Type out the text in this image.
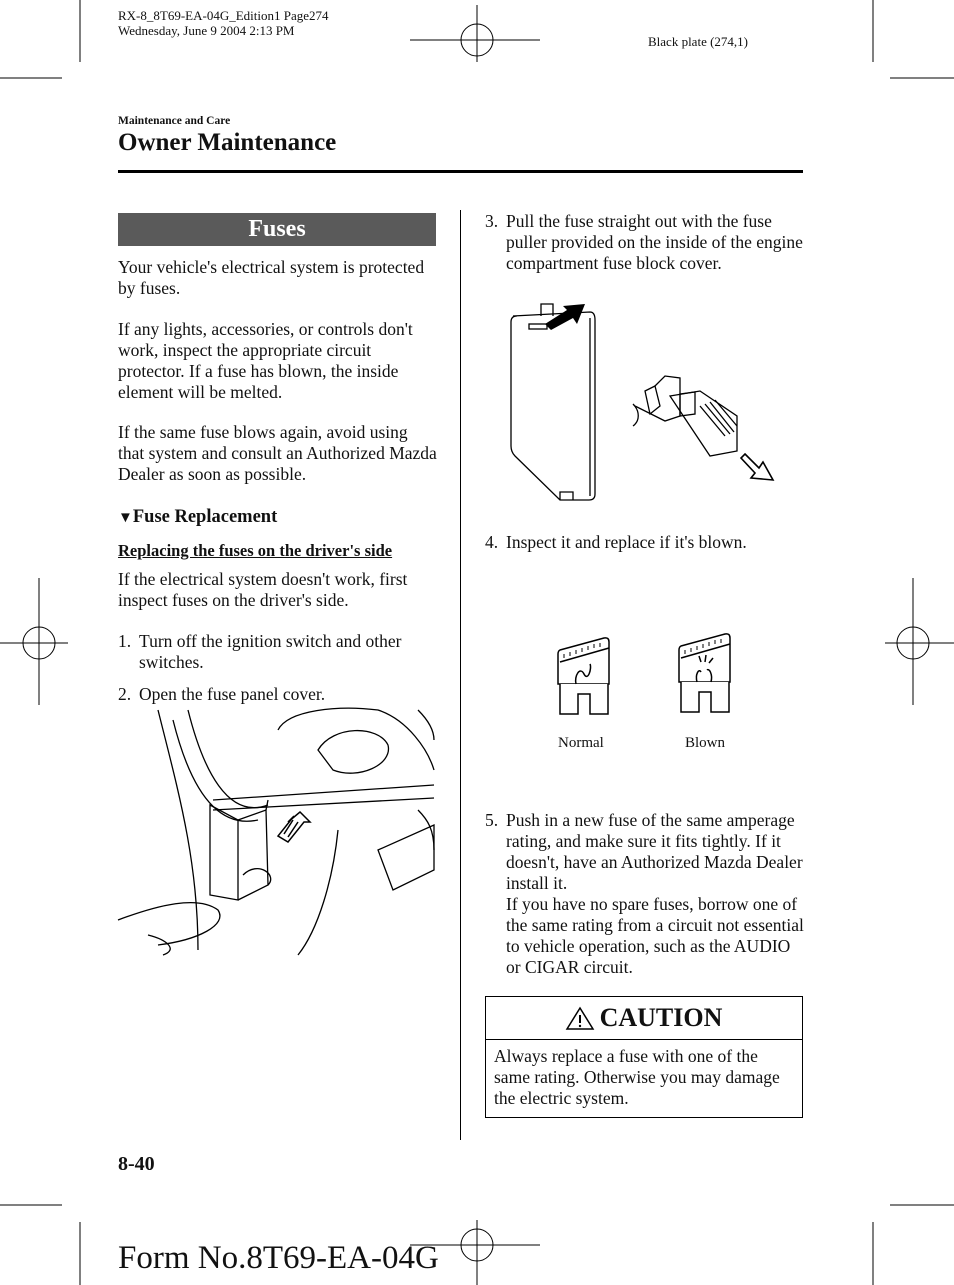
RX-8_8T69-EA-04G_Edition1 Page274
Wednesday, June 9 2004 2:13 PM
Black plate (274,1)
Maintenance and Care
Owner Maintenance
Fuses
Your vehicle's electrical system is protected by fuses.
If any lights, accessories, or controls don't work, inspect the appropriate circuit protector. If a fuse has blown, the inside element will be melted.
If the same fuse blows again, avoid using that system and consult an Authorized Mazda Dealer as soon as possible.
▼Fuse Replacement
Replacing the fuses on the driver's side
If the electrical system doesn't work, first inspect fuses on the driver's side.
1. Turn off the ignition switch and other switches.
2. Open the fuse panel cover.
8-40
3. Pull the fuse straight out with the fuse puller provided on the inside of the engine compartment fuse block cover.
4. Inspect it and replace if it's blown.
Normal	Blown
5. Push in a new fuse of the same amperage rating, and make sure it fits tightly. If it doesn't, have an Authorized Mazda Dealer install it.
If you have no spare fuses, borrow one of the same rating from a circuit not essential to vehicle operation, such as the AUDIO or CIGAR circuit.
CAUTION
Always replace a fuse with one of the same rating. Otherwise you may damage the electric system.
Form No.8T69-EA-04G
